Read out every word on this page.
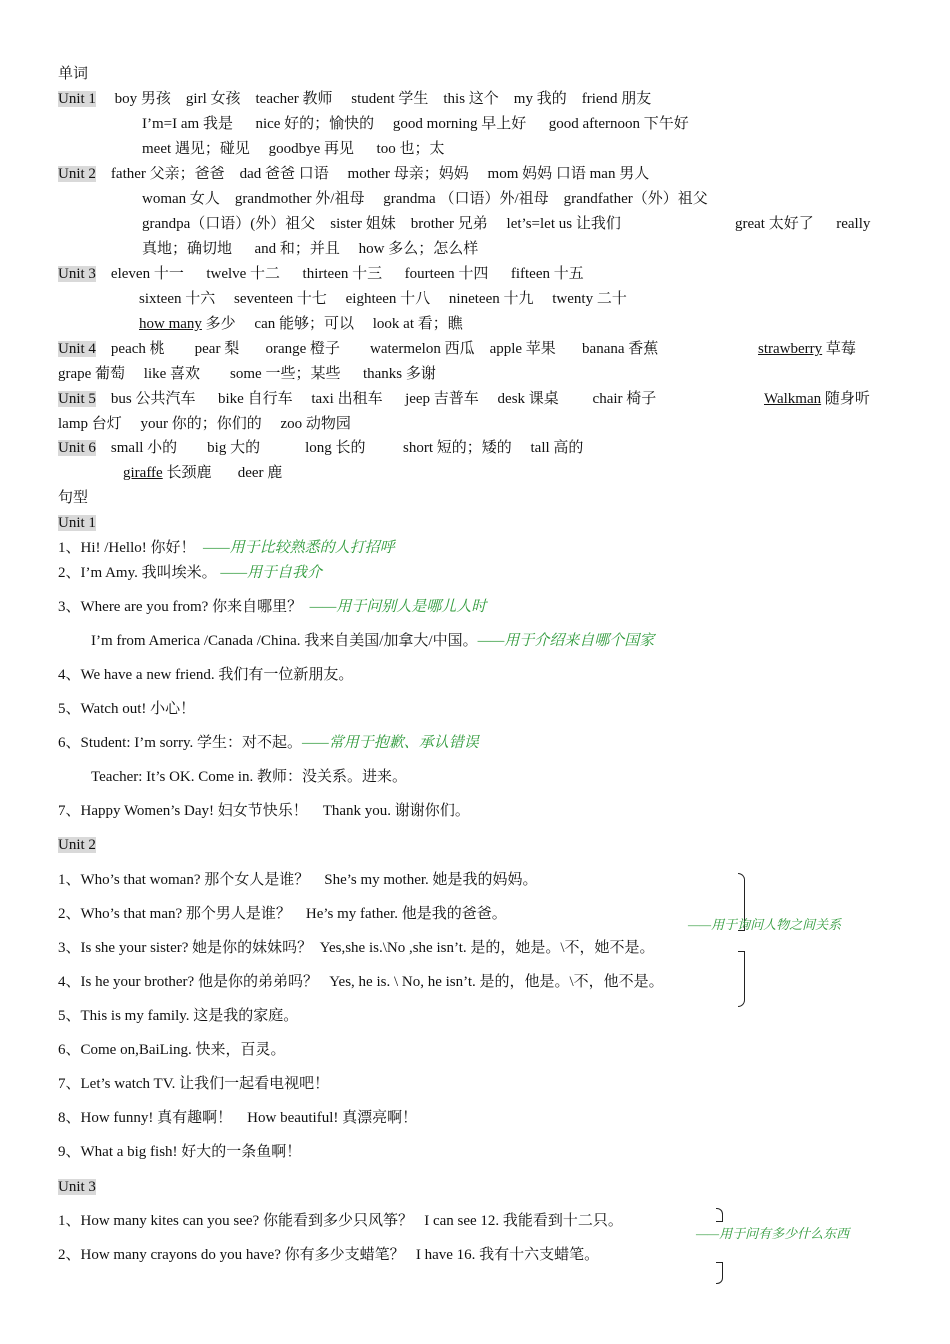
单词
Unit 1 boy 男孩    girl 女孩    teacher 教师     student 学生    this 这个    my 我的    friend 朋友
I’m=I am 我是      nice 好的；愉快的     good morning 早上好      good afternoon 下午好
meet 遇见；碰见     goodbye 再见      too 也；太
Unit 2 father 父亲；爸爸    dad 爸爸 口语     mother 母亲；妈妈     mom 妈妈 口语 man 男人
woman 女人    grandmother 外/祖母     grandma （口语）外/祖母    grandfather（外）祖父
grandpa（口语）(外）祖父    sister 姐妹    brother 兄弟     let’s=let us 让我们	great 太好了      really
真地；确切地      and 和；并且     how 多么；怎么样
Unit 3 eleven 十一      twelve 十二      thirteen 十三      fourteen 十四      fifteen 十五
sixteen 十六     seventeen 十七     eighteen 十八     nineteen 十九     twenty 二十
how many 多少     can 能够；可以     look at 看；瞧
Unit 4 peach 桃        pear 梨       orange 橙子        watermelon 西瓜    apple 苹果       banana 香蕉	strawberry 草莓
grape 葡萄     like 喜欢        some 一些；某些      thanks 多谢
Unit 5 bus 公共汽车      bike 自行车     taxi 出租车      jeep 吉普车     desk 课桌         chair 椅子	Walkman 随身听
lamp 台灯     your 你的；你们的     zoo 动物园
Unit 6 small 小的        big 大的            long 长的          short 短的；矮的     tall 高的
giraffe 长颈鹿       deer 鹿
句型
Unit 1
1、Hi! /Hello! 你好！ ——用于比较熟悉的人打招呼
2、I’m Amy. 我叫埃米。 ——用于自我介
3、Where are you from? 你来自哪里？ ——用于问别人是哪儿人时
I’m from America /Canada /China. 我来自美国/加拿大/中国。——用于介绍来自哪个国家
4、We have a new friend. 我们有一位新朋友。
5、Watch out! 小心！
6、Student: I’m sorry. 学生：对不起。——常用于抱歉、承认错误
Teacher: It’s OK. Come in. 教师：没关系。进来。
7、Happy Women’s Day! 妇女节快乐！    Thank you. 谢谢你们。
Unit 2
1、Who’s that woman? 那个女人是谁？    She’s my mother. 她是我的妈妈。
2、Who’s that man? 那个男人是谁？    He’s my father. 他是我的爸爸。
3、Is she your sister? 她是你的妹妹吗？  Yes,she is.\No ,she isn’t. 是的，她是。\不，她不是。
4、Is he your brother? 他是你的弟弟吗？   Yes, he is. \ No, he isn’t. 是的，他是。\不，他不是。
——用于询问人物之间关系
5、This is my family. 这是我的家庭。
6、Come on,BaiLing. 快来，百灵。
7、Let’s watch TV. 让我们一起看电视吧！
8、How funny! 真有趣啊！    How beautiful! 真漂亮啊！
9、What a big fish! 好大的一条鱼啊！
Unit 3
1、How many kites can you see? 你能看到多少只风筝？   I can see 12. 我能看到十二只。
2、How many crayons do you have? 你有多少支蜡笔？   I have 16. 我有十六支蜡笔。
——用于问有多少什么东西
